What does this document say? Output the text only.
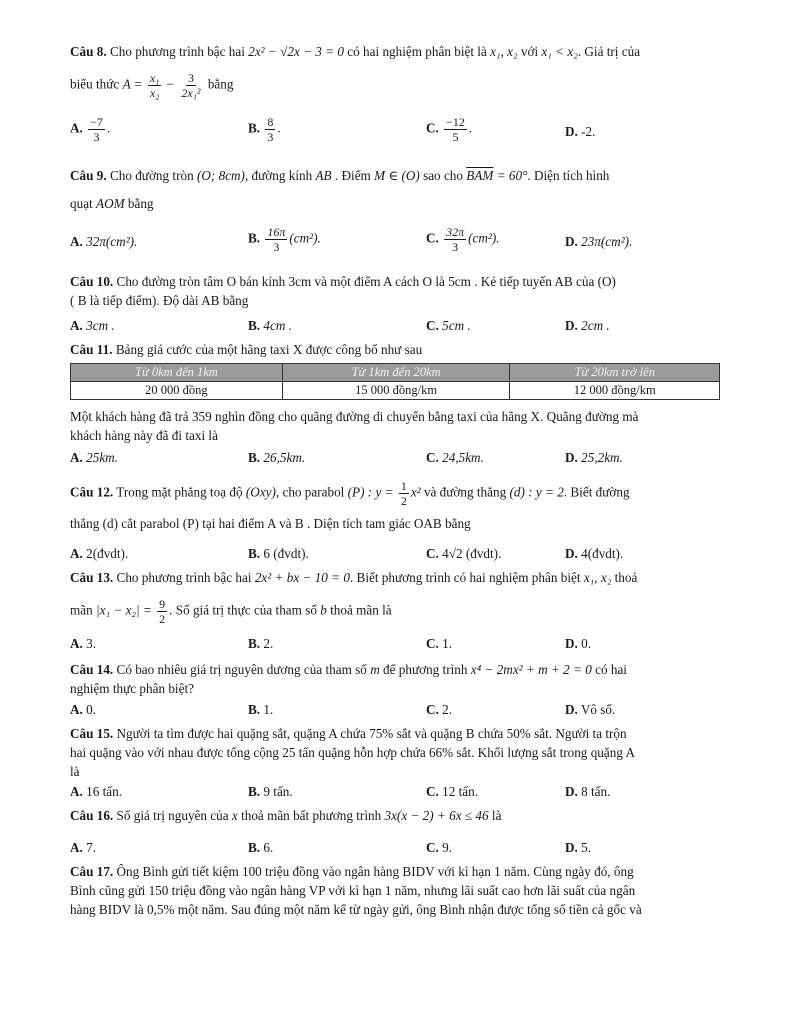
Câu 8. Cho phương trình bậc hai 2x² − √2x − 3 = 0 có hai nghiệm phân biệt là x₁, x₂ với x₁ < x₂. Giá trị của
biểu thức $A = \frac{\text{x₁}}{\text{x₂}} - \frac{3}{\text{2x₁²}}$ bằng
A. $\frac{-7}{3}$ .	B. $\frac{8}{3}$ .	C. $\frac{-12}{5}$ .	D. -2.
Câu 9. Cho đường tròn (O; 8cm), đường kính AB . Điểm M ∈ (O) sao cho $\overline{BAM} = 60^\circ$. Diện tích hình
quạt AOM bằng
A. 32π(cm²).	B. $\frac{16\pi}{3} (cm^2)$.	C. $\frac{32\pi}{3} (cm^2)$.	D. 23π(cm²).
Câu 10. Cho đường tròn tâm O bán kính 3cm và một điểm A cách O là 5cm . Kẻ tiếp tuyến AB của (O)
( B là tiếp điểm). Độ dài AB bằng
A. 3cm .	B. 4cm .	C. 5cm .	D. 2cm .
Câu 11. Bảng giá cước của một hãng taxi X được công bố như sau
Từ 0km đến 1km	Từ 1km đến 20km	Từ 20km trở lên
20 000 đồng	15 000 đồng/km	12 000 đồng/km
Một khách hàng đã trả 359 nghìn đồng cho quãng đường di chuyển bằng taxi của hãng X. Quãng đường mà
khách hàng này đã đi taxi là
A. 25km.	B. 26,5km.	C. 24,5km.	D. 25,2km.
Câu 12. Trong mặt phẳng toạ độ (Oxy), cho parabol (P) : $y = \frac{1}{2} x^2$ và đường thẳng (d) : y = 2. Biết đường
thẳng (d) cắt parabol (P) tại hai điểm A và B . Diện tích tam giác OAB bằng
A. 2(đvdt).	B. 6 (đvdt).	C. 4√2 (đvdt).	D. 4(đvdt).
Câu 13. Cho phương trình bậc hai 2x² + bx − 10 = 0. Biết phương trình có hai nghiệm phân biệt x₁, x₂ thoả
mãn $|x_1 - x_2| = \frac{9}{2}$ . Số giá trị thực của tham số b thoả mãn là
A. 3.	B. 2.	C. 1.	D. 0.
Câu 14. Có bao nhiêu giá trị nguyên dương của tham số m để phương trình x⁴ − 2mx² + m + 2 = 0 có hai
nghiệm thực phân biệt?
A. 0.	B. 1.	C. 2.	D. Vô số.
Câu 15. Người ta tìm được hai quặng sắt, quặng A chứa 75% sắt và quặng B chứa 50% sắt. Người ta trộn
hai quặng vào với nhau được tổng cộng 25 tấn quặng hỗn hợp chứa 66% sắt. Khối lượng sắt trong quặng A
là
A. 16 tấn.	B. 9 tấn.	C. 12 tấn.	D. 8 tấn.
Câu 16. Số giá trị nguyên của x thoả mãn bất phương trình 3x(x − 2) + 6x ≤ 46 là
A. 7.	B. 6.	C. 9.	D. 5.
Câu 17. Ông Bình gửi tiết kiệm 100 triệu đồng vào ngân hàng BIDV với kì hạn 1 năm. Cùng ngày đó, ông
Bình cũng gửi 150 triệu đồng vào ngân hàng VP với kì hạn 1 năm, nhưng lãi suất cao hơn lãi suất của ngân
hàng BIDV là 0,5% một năm. Sau đúng một năm kể từ ngày gửi, ông Bình nhận được tổng số tiền cả gốc và
